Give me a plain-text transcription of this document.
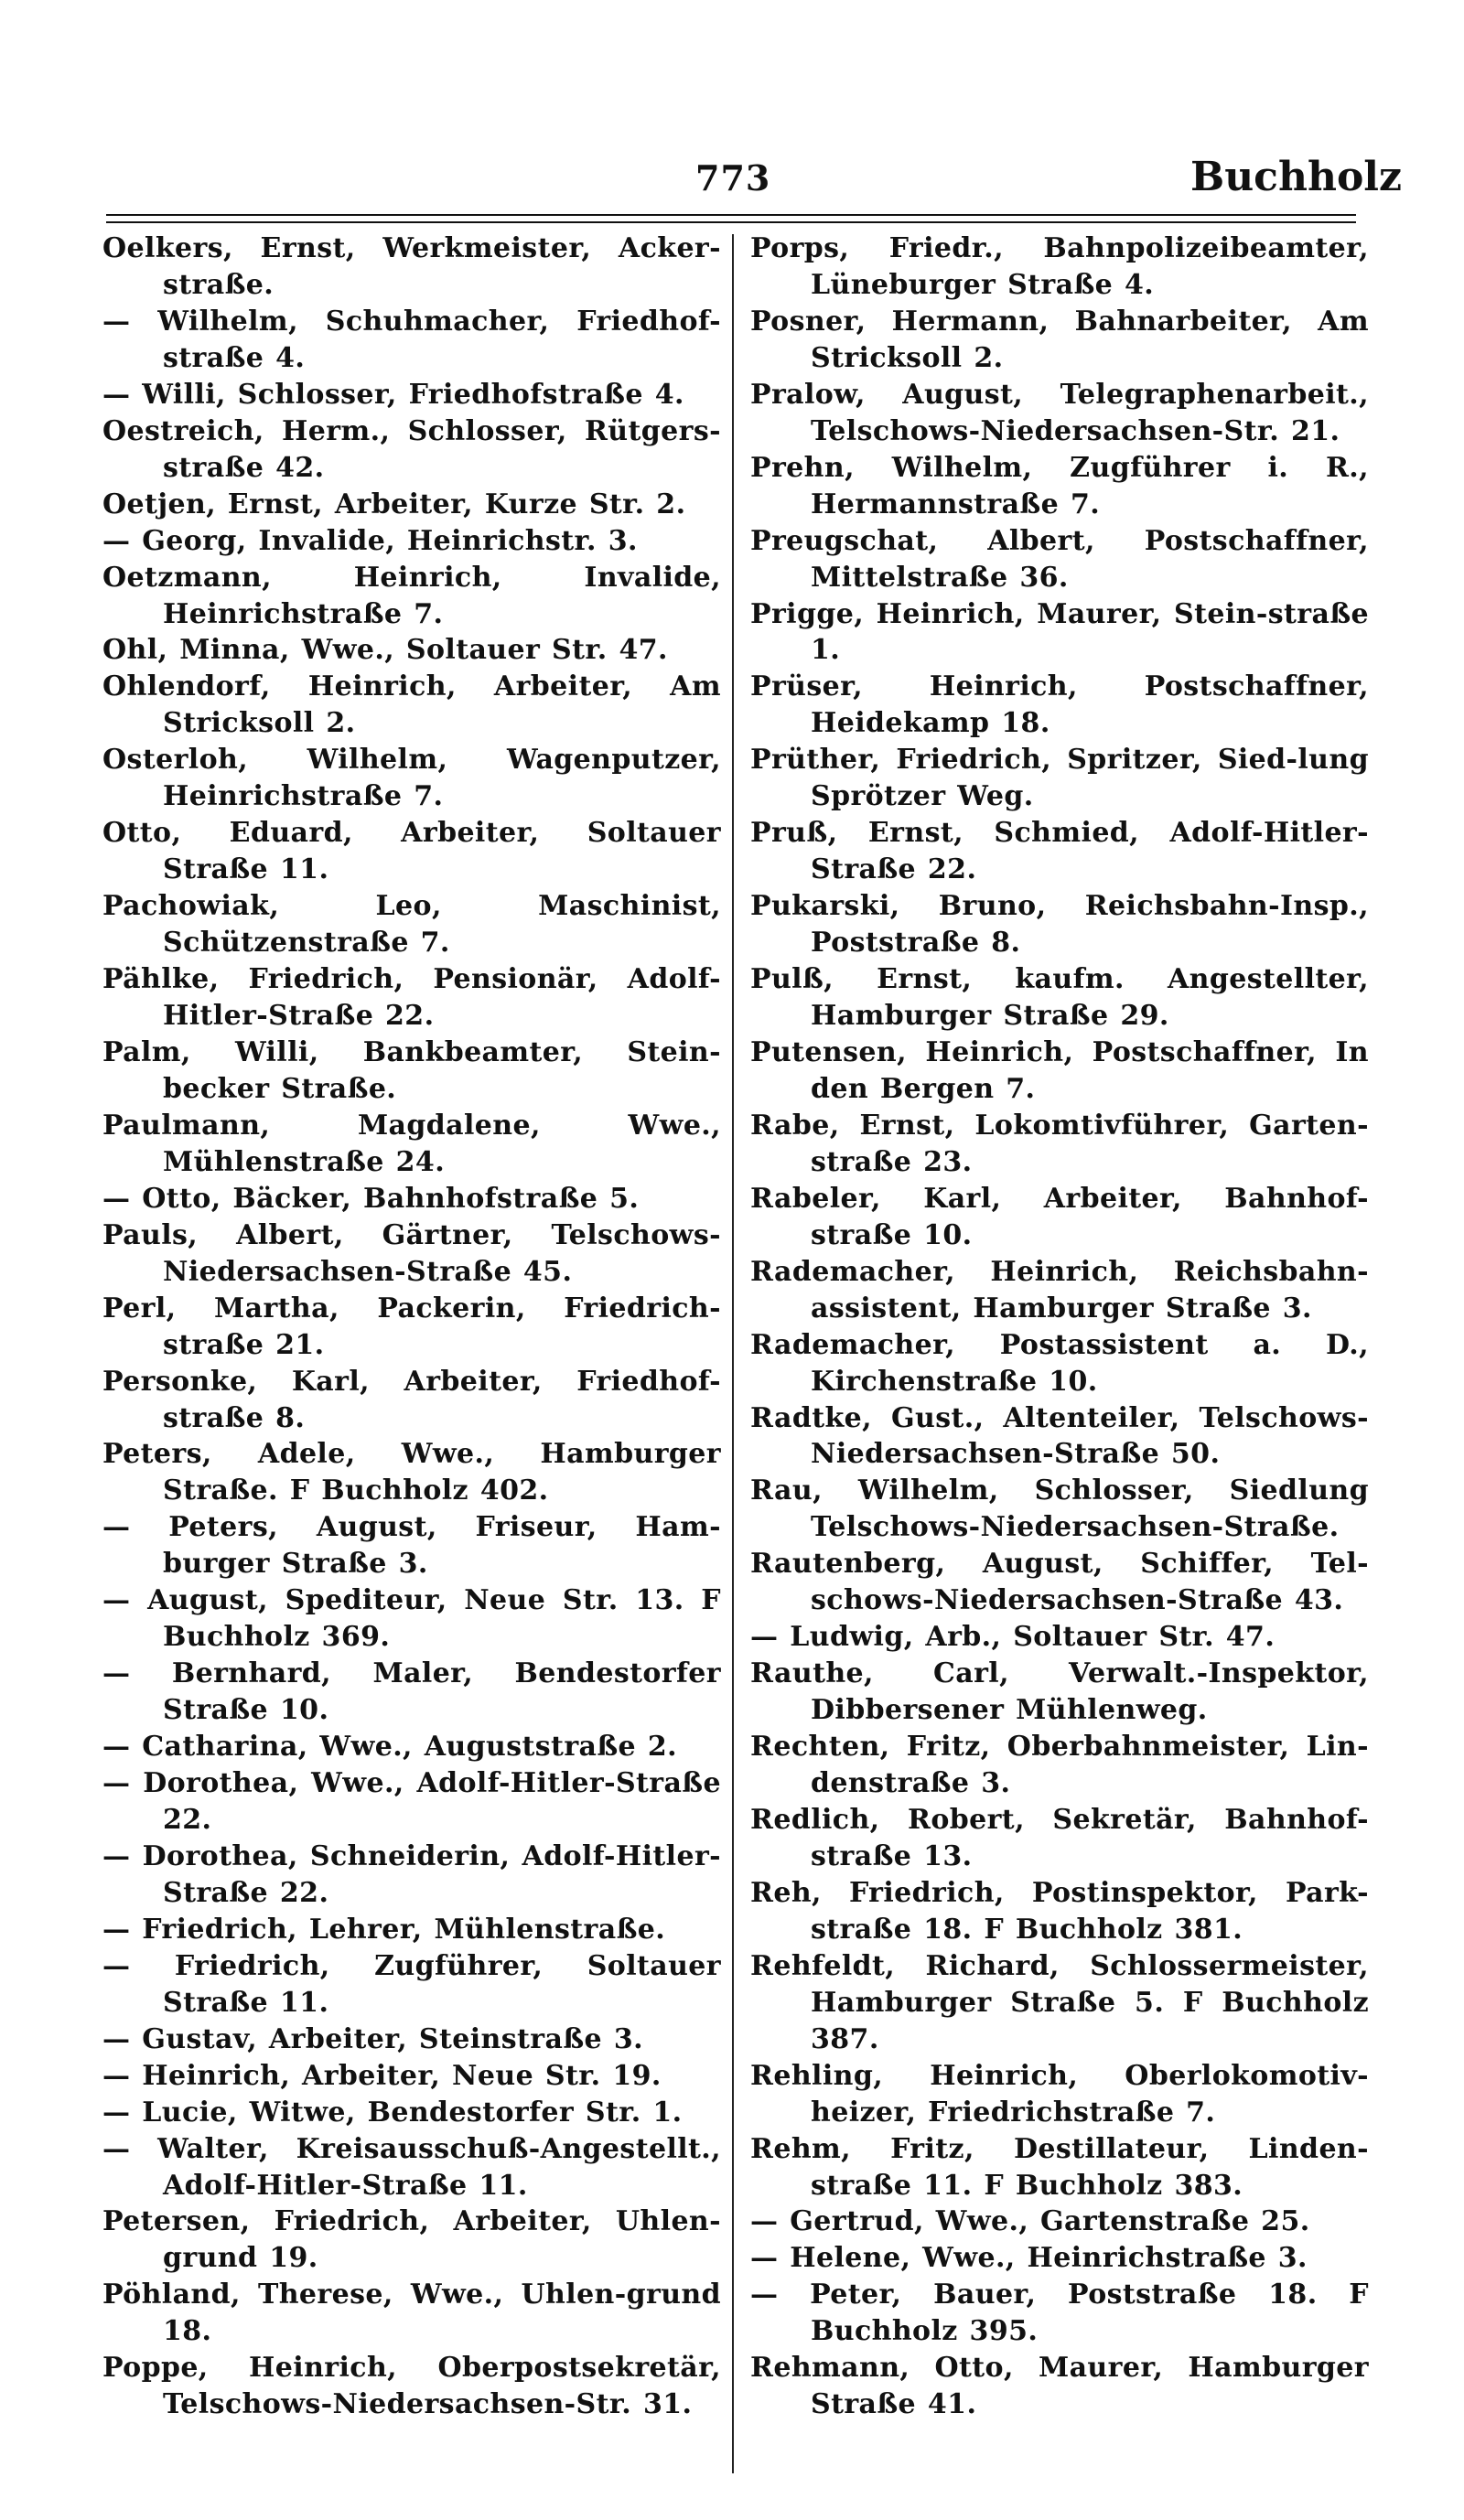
773	Buchholz
Oelkers, Ernst, Werkmeister, Acker-straße.
— Wilhelm, Schuhmacher, Friedhof-straße 4.
— Willi, Schlosser, Friedhofstraße 4.
Oestreich, Herm., Schlosser, Rütgers-straße 42.
Oetjen, Ernst, Arbeiter, Kurze Str. 2.
— Georg, Invalide, Heinrichstr. 3.
Oetzmann, Heinrich, Invalide, Heinrichstraße 7.
Ohl, Minna, Wwe., Soltauer Str. 47.
Ohlendorf, Heinrich, Arbeiter, Am Stricksoll 2.
Osterloh, Wilhelm, Wagenputzer, Heinrichstraße 7.
Otto, Eduard, Arbeiter, Soltauer Straße 11.
Pachowiak, Leo, Maschinist, Schützenstraße 7.
Pählke, Friedrich, Pensionär, Adolf-Hitler-Straße 22.
Palm, Willi, Bankbeamter, Stein-becker Straße.
Paulmann, Magdalene, Wwe., Mühlenstraße 24.
— Otto, Bäcker, Bahnhofstraße 5.
Pauls, Albert, Gärtner, Telschows-Niedersachsen-Straße 45.
Perl, Martha, Packerin, Friedrich-straße 21.
Personke, Karl, Arbeiter, Friedhof-straße 8.
Peters, Adele, Wwe., Hamburger Straße. F Buchholz 402.
— Peters, August, Friseur, Ham-burger Straße 3.
— August, Spediteur, Neue Str. 13. F Buchholz 369.
— Bernhard, Maler, Bendestorfer Straße 10.
— Catharina, Wwe., Auguststraße 2.
— Dorothea, Wwe., Adolf-Hitler-Straße 22.
— Dorothea, Schneiderin, Adolf-Hitler-Straße 22.
— Friedrich, Lehrer, Mühlenstraße.
— Friedrich, Zugführer, Soltauer Straße 11.
— Gustav, Arbeiter, Steinstraße 3.
— Heinrich, Arbeiter, Neue Str. 19.
— Lucie, Witwe, Bendestorfer Str. 1.
— Walter, Kreisausschuß-Angestellt., Adolf-Hitler-Straße 11.
Petersen, Friedrich, Arbeiter, Uhlen-grund 19.
Pöhland, Therese, Wwe., Uhlen-grund 18.
Poppe, Heinrich, Oberpostsekretär, Telschows-Niedersachsen-Str. 31.
Porps, Friedr., Bahnpolizeibeamter, Lüneburger Straße 4.
Posner, Hermann, Bahnarbeiter, Am Stricksoll 2.
Pralow, August, Telegraphenarbeit., Telschows-Niedersachsen-Str. 21.
Prehn, Wilhelm, Zugführer i. R., Hermannstraße 7.
Preugschat, Albert, Postschaffner, Mittelstraße 36.
Prigge, Heinrich, Maurer, Stein-straße 1.
Prüser, Heinrich, Postschaffner, Heidekamp 18.
Prüther, Friedrich, Spritzer, Sied-lung Sprötzer Weg.
Pruß, Ernst, Schmied, Adolf-Hitler-Straße 22.
Pukarski, Bruno, Reichsbahn-Insp., Poststraße 8.
Pulß, Ernst, kaufm. Angestellter, Hamburger Straße 29.
Putensen, Heinrich, Postschaffner, In den Bergen 7.
Rabe, Ernst, Lokomtivführer, Garten-straße 23.
Rabeler, Karl, Arbeiter, Bahnhof-straße 10.
Rademacher, Heinrich, Reichsbahn-assistent, Hamburger Straße 3.
Rademacher, Postassistent a. D., Kirchenstraße 10.
Radtke, Gust., Altenteiler, Telschows-Niedersachsen-Straße 50.
Rau, Wilhelm, Schlosser, Siedlung Telschows-Niedersachsen-Straße.
Rautenberg, August, Schiffer, Tel-schows-Niedersachsen-Straße 43.
— Ludwig, Arb., Soltauer Str. 47.
Rauthe, Carl, Verwalt.-Inspektor, Dibbersener Mühlenweg.
Rechten, Fritz, Oberbahnmeister, Lin-denstraße 3.
Redlich, Robert, Sekretär, Bahnhof-straße 13.
Reh, Friedrich, Postinspektor, Park-straße 18. F Buchholz 381.
Rehfeldt, Richard, Schlossermeister, Hamburger Straße 5. F Buchholz 387.
Rehling, Heinrich, Oberlokomotiv-heizer, Friedrichstraße 7.
Rehm, Fritz, Destillateur, Linden-straße 11. F Buchholz 383.
— Gertrud, Wwe., Gartenstraße 25.
— Helene, Wwe., Heinrichstraße 3.
— Peter, Bauer, Poststraße 18. F Buchholz 395.
Rehmann, Otto, Maurer, Hamburger Straße 41.
